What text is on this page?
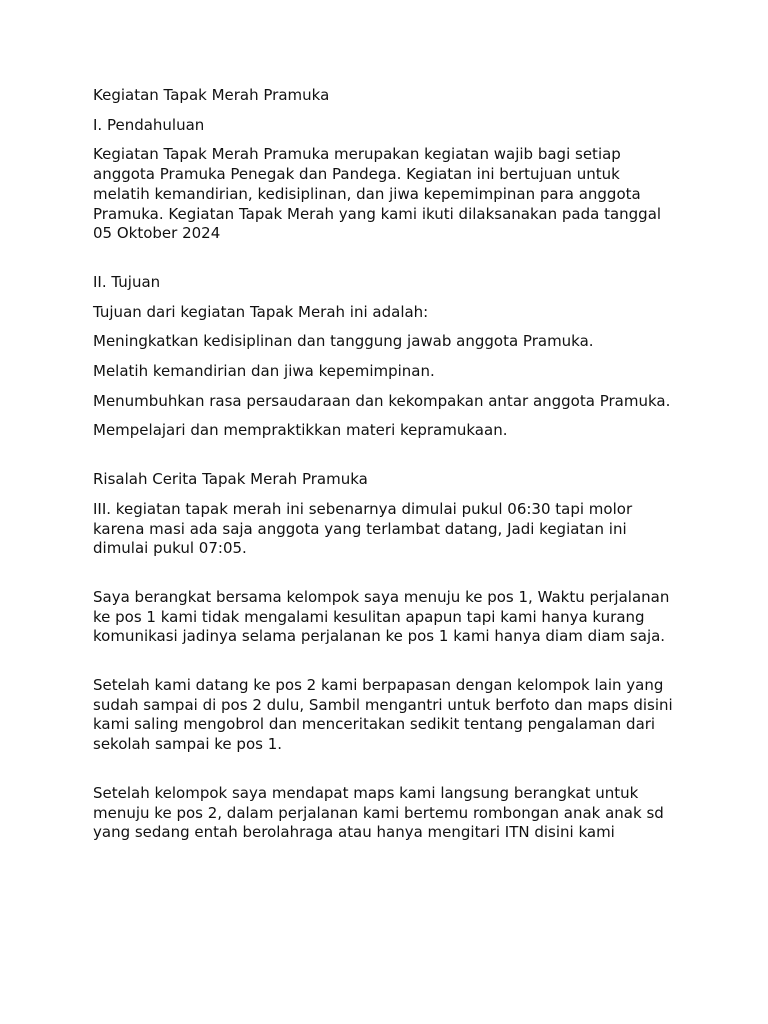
Kegiatan Tapak Merah Pramuka

I. Pendahuluan

Kegiatan Tapak Merah Pramuka merupakan kegiatan wajib bagi setiap anggota Pramuka Penegak dan Pandega. Kegiatan ini bertujuan untuk melatih kemandirian, kedisiplinan, dan jiwa kepemimpinan para anggota Pramuka. Kegiatan Tapak Merah yang kami ikuti dilaksanakan pada tanggal 05 Oktober 2024

II. Tujuan

Tujuan dari kegiatan Tapak Merah ini adalah:

Meningkatkan kedisiplinan dan tanggung jawab anggota Pramuka.

Melatih kemandirian dan jiwa kepemimpinan.

Menumbuhkan rasa persaudaraan dan kekompakan antar anggota Pramuka.

Mempelajari dan mempraktikkan materi kepramukaan.

Risalah Cerita Tapak Merah Pramuka

III. kegiatan tapak merah ini sebenarnya dimulai pukul 06:30 tapi molor karena masi ada saja anggota yang terlambat datang, Jadi kegiatan ini dimulai pukul 07:05.

Saya berangkat bersama kelompok saya menuju ke pos 1, Waktu perjalanan ke pos 1 kami tidak mengalami kesulitan apapun tapi kami hanya kurang komunikasi jadinya selama perjalanan ke pos 1 kami hanya diam diam saja.

Setelah kami datang ke pos 2 kami berpapasan dengan kelompok lain yang sudah sampai di pos 2 dulu, Sambil mengantri untuk berfoto dan maps disini kami saling mengobrol dan menceritakan sedikit tentang pengalaman dari sekolah sampai ke pos 1.

Setelah kelompok saya mendapat maps kami langsung berangkat untuk menuju ke pos 2, dalam perjalanan kami bertemu rombongan anak anak sd yang sedang entah berolahraga atau hanya mengitari ITN disini kami
